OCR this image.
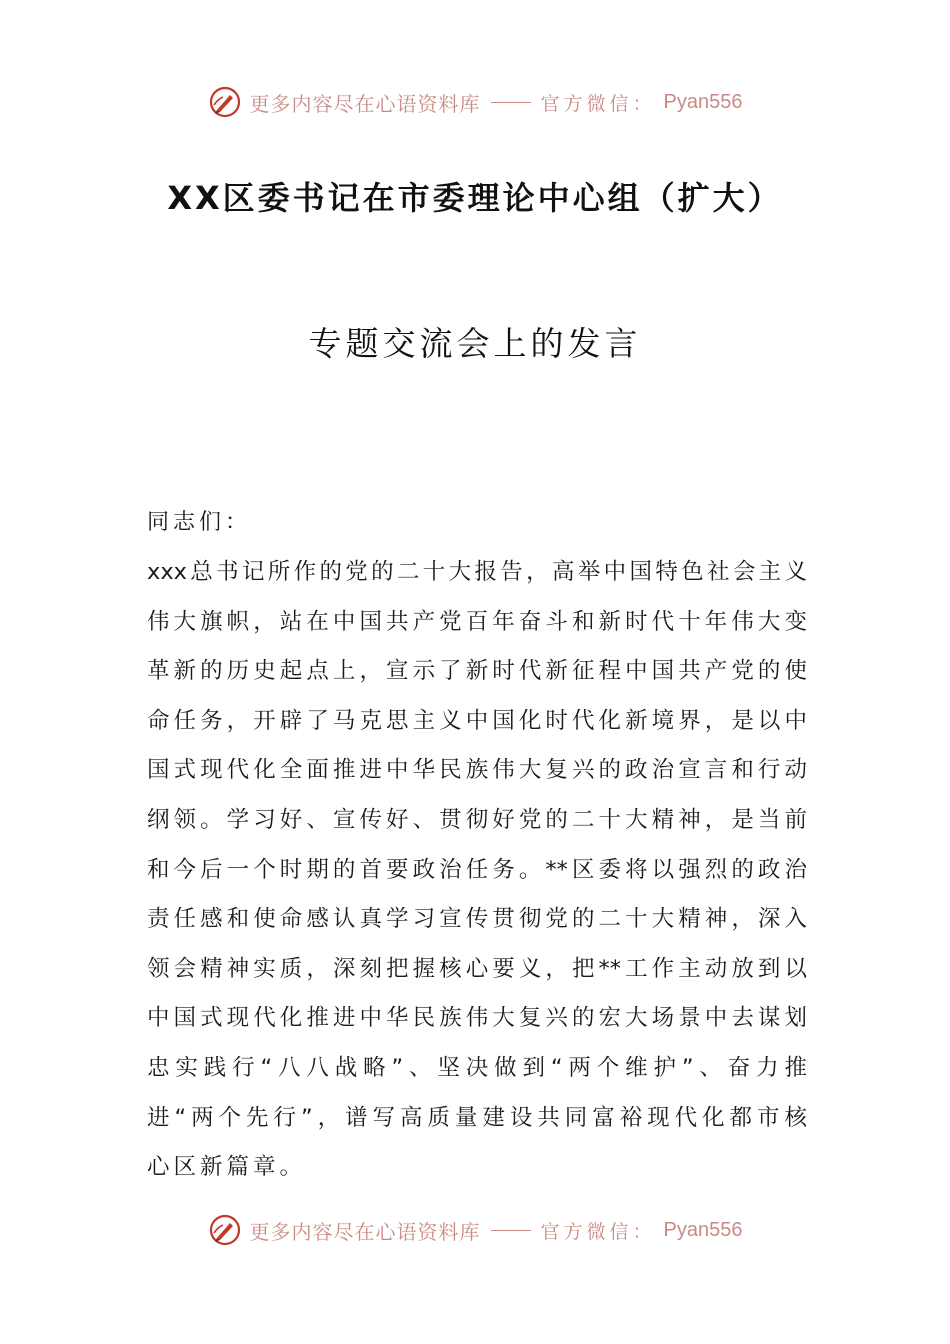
更多内容尽在心语资料库	官方微信： Pyan556
XX区委书记在市委理论中心组（扩大）
专题交流会上的发言
同志们：
xxx总书记所作的党的二十大报告，高举中国特色社会主义
伟大旗帜，站在中国共产党百年奋斗和新时代十年伟大变
革新的历史起点上，宣示了新时代新征程中国共产党的使
命任务，开辟了马克思主义中国化时代化新境界，是以中
国式现代化全面推进中华民族伟大复兴的政治宣言和行动
纲领。学习好、宣传好、贯彻好党的二十大精神，是当前
和今后一个时期的首要政治任务。**区委将以强烈的政治
责任感和使命感认真学习宣传贯彻党的二十大精神，深入
领会精神实质，深刻把握核心要义，把**工作主动放到以
中国式现代化推进中华民族伟大复兴的宏大场景中去谋划
忠实践行“八八战略”、坚决做到“两个维护”、奋力推
进“两个先行”，谱写高质量建设共同富裕现代化都市核
心区新篇章。
更多内容尽在心语资料库	官方微信： Pyan556
